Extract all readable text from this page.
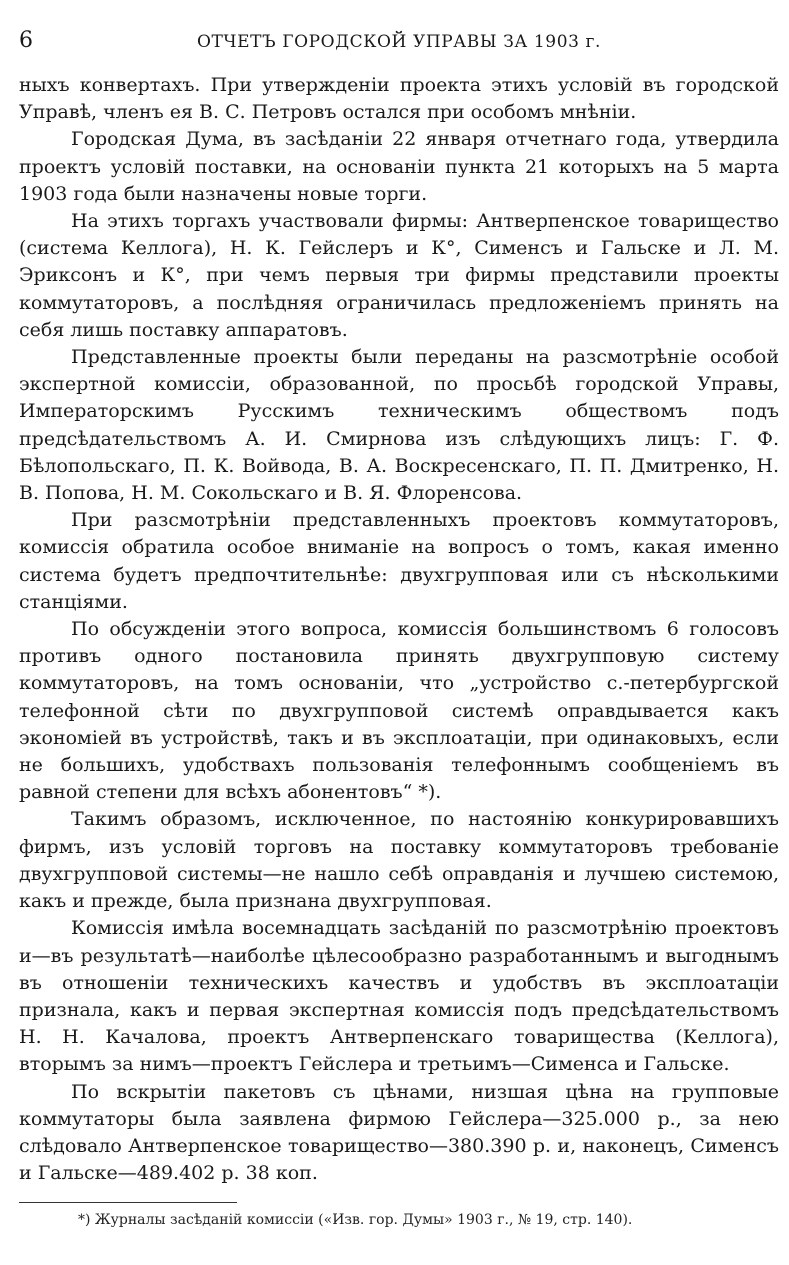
6	ОТЧЕТЪ ГОРОДСКОЙ УПРАВЫ ЗА 1903 г.

ныхъ конвертахъ. При утвержденіи проекта этихъ условій въ городской Управѣ, членъ ея В. С. Петровъ остался при особомъ мнѣніи.

Городская Дума, въ засѣданіи 22 января отчетнаго года, утвердила проектъ условій поставки, на основаніи пункта 21 которыхъ на 5 марта 1903 года были назначены новые торги.

На этихъ торгахъ участвовали фирмы: Антверпенское товарищество (система Келлога), Н. К. Гейслеръ и К°, Сименсъ и Гальске и Л. М. Эриксонъ и К°, при чемъ первыя три фирмы представили проекты коммутаторовъ, а послѣдняя ограничилась предложеніемъ принять на себя лишь поставку аппаратовъ.

Представленные проекты были переданы на разсмотрѣніе особой экспертной комиссіи, образованной, по просьбѣ городской Управы, Императорскимъ Русскимъ техническимъ обществомъ подъ предсѣдательствомъ А. И. Смирнова изъ слѣдующихъ лицъ: Г. Ф. Бѣлопольскаго, П. К. Войвода, В. А. Воскресенскаго, П. П. Дмитренко, Н. В. Попова, Н. М. Сокольскаго и В. Я. Флоренсова.

При разсмотрѣніи представленныхъ проектовъ коммутаторовъ, комиссія обратила особое вниманіе на вопросъ о томъ, какая именно система будетъ предпочтительнѣе: двухгрупповая или съ нѣсколькими станціями.

По обсужденіи этого вопроса, комиссія большинствомъ 6 голосовъ противъ одного постановила принять двухгрупповую систему коммутаторовъ, на томъ основаніи, что „устройство с.-петербургской телефонной сѣти по двухгрупповой системѣ оправдывается какъ экономіей въ устройствѣ, такъ и въ эксплоатаціи, при одинаковыхъ, если не большихъ, удобствахъ пользованія телефоннымъ сообщеніемъ въ равной степени для всѣхъ абонентовъ“ *).

Такимъ образомъ, исключенное, по настоянію конкурировавшихъ фирмъ, изъ условій торговъ на поставку коммутаторовъ требованіе двухгрупповой системы—не нашло себѣ оправданія и лучшею системою, какъ и прежде, была признана двухгрупповая.

Комиссія имѣла восемнадцать засѣданій по разсмотрѣнію проектовъ и—въ результатѣ—наиболѣе цѣлесообразно разработаннымъ и выгоднымъ въ отношеніи техническихъ качествъ и удобствъ въ эксплоатаціи признала, какъ и первая экспертная комиссія подъ предсѣдательствомъ Н. Н. Качалова, проектъ Антверпенскаго товарищества (Келлога), вторымъ за нимъ—проектъ Гейслера и третьимъ—Сименса и Гальске.

По вскрытіи пакетовъ съ цѣнами, низшая цѣна на групповые коммутаторы была заявлена фирмою Гейслера—325.000 р., за нею слѣдовало Антверпенское товарищество—380.390 р. и, наконецъ, Сименсъ и Гальске—489.402 р. 38 коп.

*) Журналы засѣданій комиссіи («Изв. гор. Думы» 1903 г., № 19, стр. 140).
